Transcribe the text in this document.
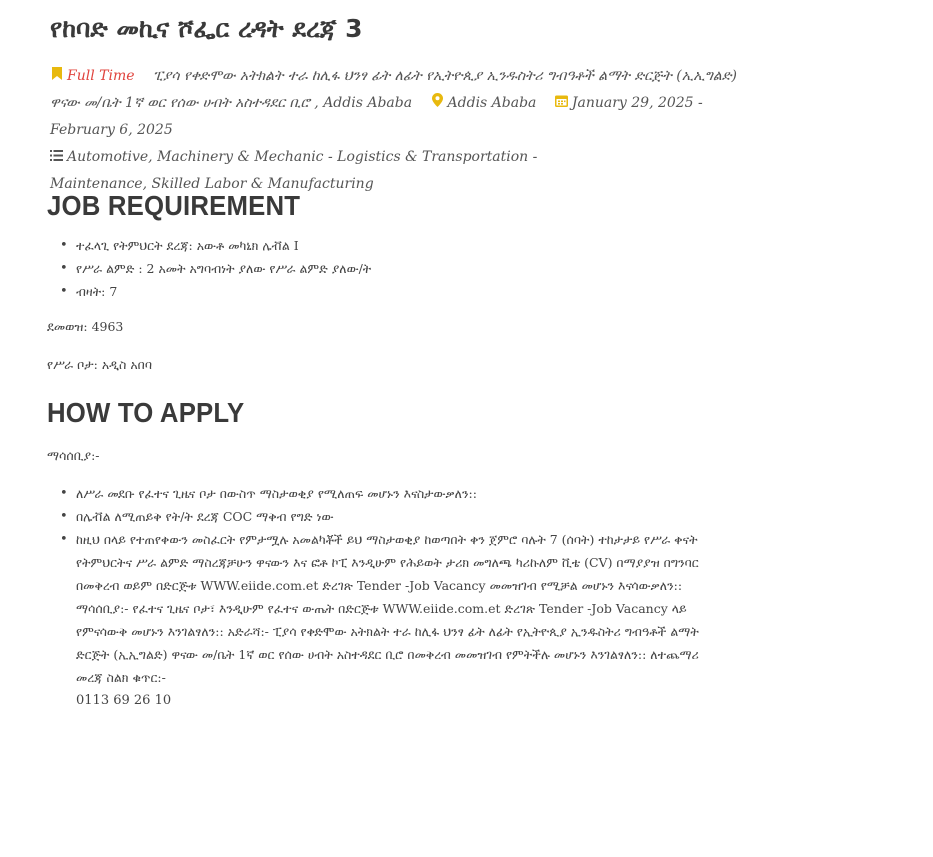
የከባድ መኪና ሾፌር ረዳት ደረጃ 3
Full Time ፒያሳ የቀድሞው አትክልት ተራ ከሊፋ ህንፃ ፊት ለፊት የኢትዮጲያ ኢንዱስትሪ ግብዓቶች ልማት ድርጅት (ኢኢግልድ) ዋናው መ/ቤት 1ኛ ወር የሰው ሀብት አስተዳደር ቢሮ , Addis Ababa	Addis Ababa	January 29, 2025 - February 6, 2025
Automotive, Machinery & Mechanic - Logistics & Transportation -
Maintenance, Skilled Labor & Manufacturing
JOB REQUIREMENT
• ተፈላጊ የትምህርት ደረጃ: አውቶ መካኒክ ሌቭል I
• የሥራ ልምድ : 2 አመት አግባብነት ያለው የሥራ ልምድ ያለው/ት
• ብዛት: 7
ደመወዝ: 4963
የሥራ ቦታ: አዲስ አበባ
HOW TO APPLY
ማሳሰቢያ:-
• ለሥራ መደቡ የፈተና ጊዜና ቦታ በውስጥ ማስታወቂያ የሚለጠፍ መሆኑን እናስታውቃለን::
• በሌቭል ለሚጠይቅ የት/ት ደረጃ COC ማቅብ የግድ ነው
• ከዚህ በላይ የተጠየቀውን መስፈርት የምታሟሉ አመልካቾች ይህ ማስታወቂያ ከወጣበት ቀን ጀምሮ ባሉት 7 (ሰባት) ተከታታይ የሥራ ቀናት የትምህርትና ሥራ ልምድ ማስረጃቻሁን ዋናውን እና ፎቶ ኮፒ እንዲሁም የሕይወት ታሪክ መግለጫ ካሪኩለም ቪቴ (CV) በማያያዝ በግንባር በመቅረብ ወይም በድርጅቱ WWW.eiide.com.et ድረገጽ Tender -Job Vacancy መመዝገብ የሚቻል መሆኑን እናሳውቃለን:: ማሳሰቢያ:- የፈተና ጊዜና ቦታ፣ እንዲሁም የፈተና ውጤት በድርጅቱ WWW.eiide.com.et ድረገጽ Tender -Job Vacancy ላይ የምናሳውቅ መሆኑን እንገልፃለን:: አድራሻ:- ፒያሳ የቀድሞው አትክልት ተራ ከሊፋ ህንፃ ፊት ለፊት የኢትዮጲያ ኢንዱስትሪ ግብዓቶች ልማት ድርጅት (ኢኢግልድ) ዋናው መ/ቤት 1ኛ ወር የሰው ሀብት አስተዳደር ቢሮ በመቅረብ መመዝገብ የምትችሉ መሆኑን እንገልፃለን:: ለተጨማሪ መረጃ ስልክ ቁጥር:-
0113 69 26 10
